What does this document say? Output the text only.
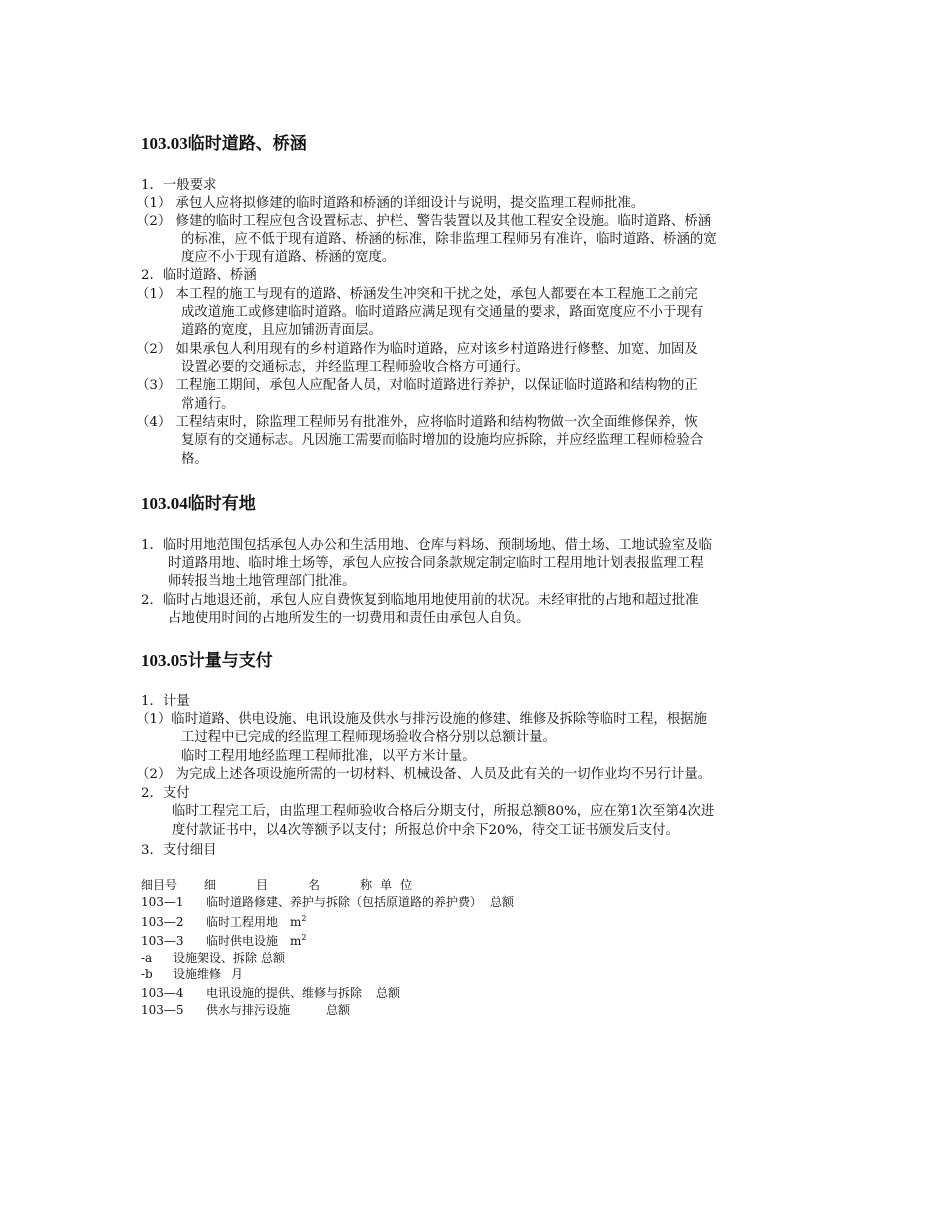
103.03临时道路、桥涵
1．一般要求
（1） 承包人应将拟修建的临时道路和桥涵的详细设计与说明，提交监理工程师批准。
（2） 修建的临时工程应包含设置标志、护栏、警告装置以及其他工程安全设施。临时道路、桥涵
的标准，应不低于现有道路、桥涵的标准，除非监理工程师另有准许，临时道路、桥涵的宽
度应不小于现有道路、桥涵的宽度。
2．临时道路、桥涵
（1） 本工程的施工与现有的道路、桥涵发生冲突和干扰之处，承包人都要在本工程施工之前完
成改道施工或修建临时道路。临时道路应满足现有交通量的要求，路面宽度应不小于现有
道路的宽度，且应加铺沥青面层。
（2） 如果承包人利用现有的乡村道路作为临时道路，应对该乡村道路进行修整、加宽、加固及
设置必要的交通标志，并经监理工程师验收合格方可通行。
（3） 工程施工期间，承包人应配备人员，对临时道路进行养护，以保证临时道路和结构物的正
常通行。
（4） 工程结束时，除监理工程师另有批准外，应将临时道路和结构物做一次全面维修保养，恢
复原有的交通标志。凡因施工需要而临时增加的设施均应拆除，并应经监理工程师检验合
格。
103.04临时有地
1．临时用地范围包括承包人办公和生活用地、仓库与料场、预制场地、借土场、工地试验室及临
时道路用地、临时堆土场等，承包人应按合同条款规定制定临时工程用地计划表报监理工程
师转报当地土地管理部门批准。
2．临时占地退还前，承包人应自费恢复到临地用地使用前的状况。未经审批的占地和超过批准
占地使用时间的占地所发生的一切费用和责任由承包人自负。
103.05计量与支付
1．计量
（1）临时道路、供电设施、电讯设施及供水与排污设施的修建、维修及拆除等临时工程，根据施
工过程中已完成的经监理工程师现场验收合格分别以总额计量。
临时工程用地经监理工程师批准，以平方米计量。
（2） 为完成上述各项设施所需的一切材料、机械设备、人员及此有关的一切作业均不另行计量。
2．支付
临时工程完工后，由监理工程师验收合格后分期支付，所报总额80%，应在第1次至第4次进
度付款证书中，以4次等额予以支付；所报总价中余下20%，待交工证书颁发后支付。
3．支付细目
细目号 细	目	名	称 单 位
103—1 临时道路修建、养护与拆除（包括原道路的养护费） 总额
103—2 临时工程用地 $m^2$
103—3 临时供电设施 $m^2$
-a 设施架设、拆除 总额
-b 设施维修 月
103—4 电讯设施的提供、维修与拆除 总额
103—5 供水与排污设施	总额
